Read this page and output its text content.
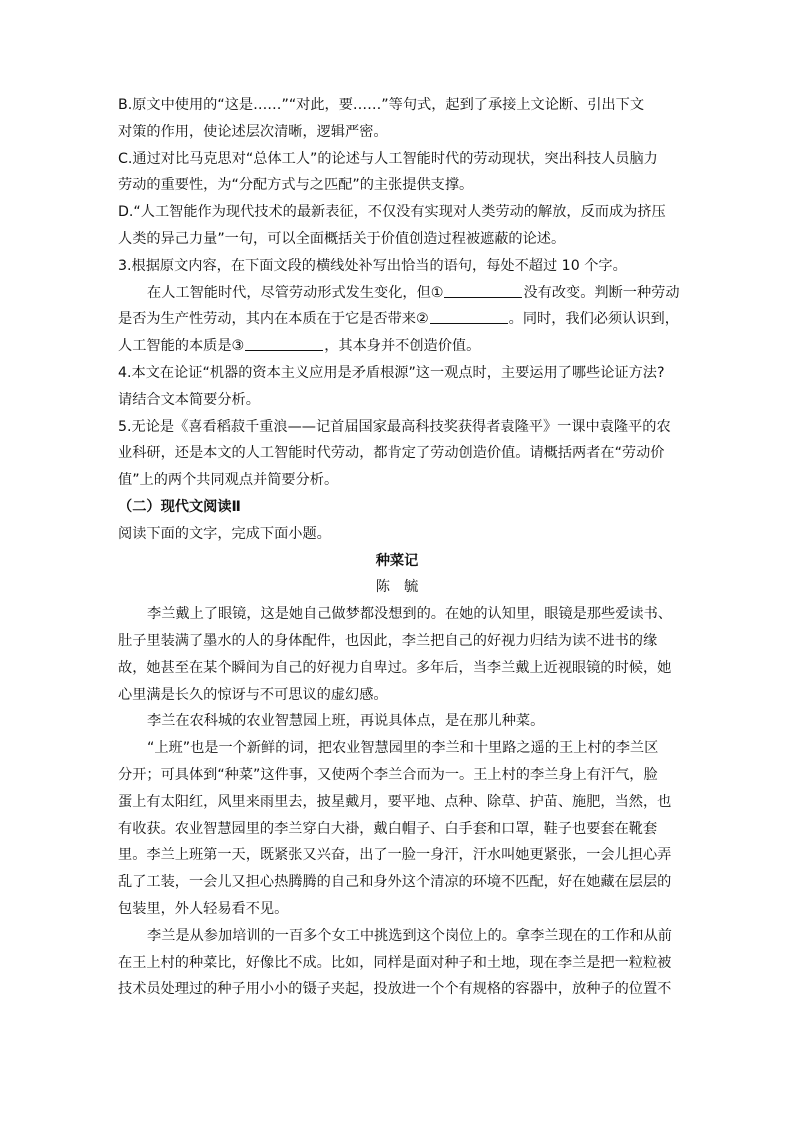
B.原文中使用的“这是……”“对此，要……”等句式，起到了承接上文论断、引出下文
对策的作用，使论述层次清晰，逻辑严密。
C.通过对比马克思对“总体工人”的论述与人工智能时代的劳动现状，突出科技人员脑力
劳动的重要性，为“分配方式与之匹配”的主张提供支撑。
D.“人工智能作为现代技术的最新表征，不仅没有实现对人类劳动的解放，反而成为挤压
人类的异己力量”一句，可以全面概括关于价值创造过程被遮蔽的论述。
3.根据原文内容，在下面文段的横线处补写出恰当的语句，每处不超过 10 个字。
在人工智能时代，尽管劳动形式发生变化，但①	没有改变。判断一种劳动
是否为生产性劳动，其内在本质在于它是否带来②	。同时，我们必须认识到，
人工智能的本质是③	，其本身并不创造价值。
4.本文在论证“机器的资本主义应用是矛盾根源”这一观点时，主要运用了哪些论证方法?
请结合文本简要分析。
5.无论是《喜看稻菽千重浪——记首届国家最高科技奖获得者袁隆平》一课中袁隆平的农
业科研，还是本文的人工智能时代劳动，都肯定了劳动创造价值。请概括两者在“劳动价
值”上的两个共同观点并简要分析。
（二）现代文阅读Ⅱ
阅读下面的文字，完成下面小题。
种菜记
陈　毓
李兰戴上了眼镜，这是她自己做梦都没想到的。在她的认知里，眼镜是那些爱读书、
肚子里装满了墨水的人的身体配件，也因此，李兰把自己的好视力归结为读不进书的缘
故，她甚至在某个瞬间为自己的好视力自卑过。多年后，当李兰戴上近视眼镜的时候，她
心里满是长久的惊讶与不可思议的虚幻感。
李兰在农科城的农业智慧园上班，再说具体点，是在那儿种菜。
“上班”也是一个新鲜的词，把农业智慧园里的李兰和十里路之遥的王上村的李兰区
分开；可具体到“种菜”这件事，又使两个李兰合而为一。王上村的李兰身上有汗气，脸
蛋上有太阳红，风里来雨里去，披星戴月，要平地、点种、除草、护苗、施肥，当然，也
有收获。农业智慧园里的李兰穿白大褂，戴白帽子、白手套和口罩，鞋子也要套在靴套
里。李兰上班第一天，既紧张又兴奋，出了一脸一身汗，汗水叫她更紧张，一会儿担心弄
乱了工装，一会儿又担心热腾腾的自己和身外这个清凉的环境不匹配，好在她藏在层层的
包装里，外人轻易看不见。
李兰是从参加培训的一百多个女工中挑选到这个岗位上的。拿李兰现在的工作和从前
在王上村的种菜比，好像比不成。比如，同样是面对种子和土地，现在李兰是把一粒粒被
技术员处理过的种子用小小的镊子夹起，投放进一个个有规格的容器中，放种子的位置不
